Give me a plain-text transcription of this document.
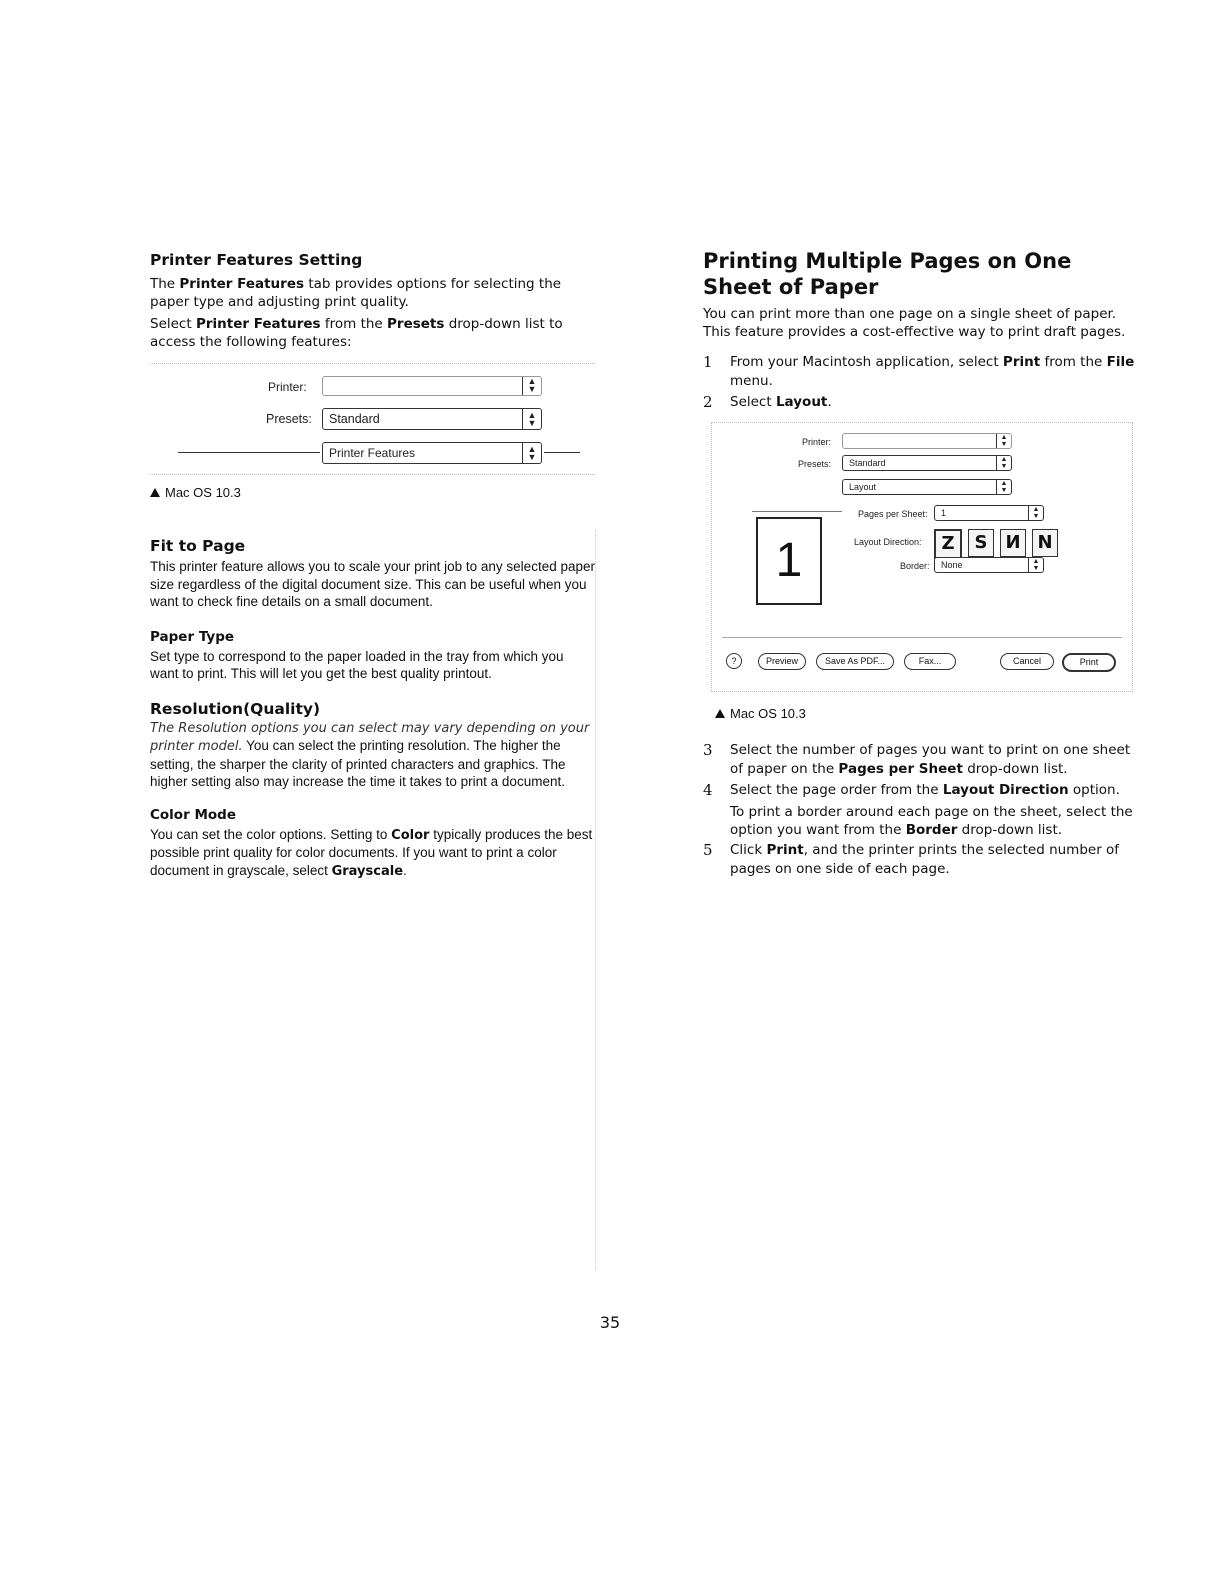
Printer Features Setting

The Printer Features tab provides options for selecting the paper type and adjusting print quality.

Select Printer Features from the Presets drop-down list to access the following features:

Printer:	▲
▼
Presets: Standard	▲
▼
Printer Features	▲
▼
Mac OS 10.3
Fit to Page

This printer feature allows you to scale your print job to any selected paper size regardless of the digital document size. This can be useful when you want to check fine details on a small document.

Paper Type

Set type to correspond to the paper loaded in the tray from which you want to print. This will let you get the best quality printout.

Resolution(Quality)

The Resolution options you can select may vary depending on your printer model. You can select the printing resolution. The higher the setting, the sharper the clarity of printed characters and graphics. The higher setting also may increase the time it takes to print a document.

Color Mode

You can set the color options. Setting to Color typically produces the best possible print quality for color documents. If you want to print a color document in grayscale, select Grayscale.

Printing Multiple Pages on One Sheet of Paper

You can print more than one page on a single sheet of paper. This feature provides a cost-effective way to print draft pages.

1 From your Macintosh application, select Print from the File menu.
2 Select Layout.
Printer:	▲
▼
Presets: Standard	▲
▼
Layout	▲
▼
1
Pages per Sheet: 1	▲
▼
Layout Direction:	Z	S И N
Border: None	▲
▼
?	Preview	Save As PDF...	Fax...	Cancel	Print
Mac OS 10.3
3 Select the number of pages you want to print on one sheet of paper on the Pages per Sheet drop-down list.
4 Select the page order from the Layout Direction option.
To print a border around each page on the sheet, select the option you want from the Border drop-down list.
5 Click Print, and the printer prints the selected number of pages on one side of each page.
35
